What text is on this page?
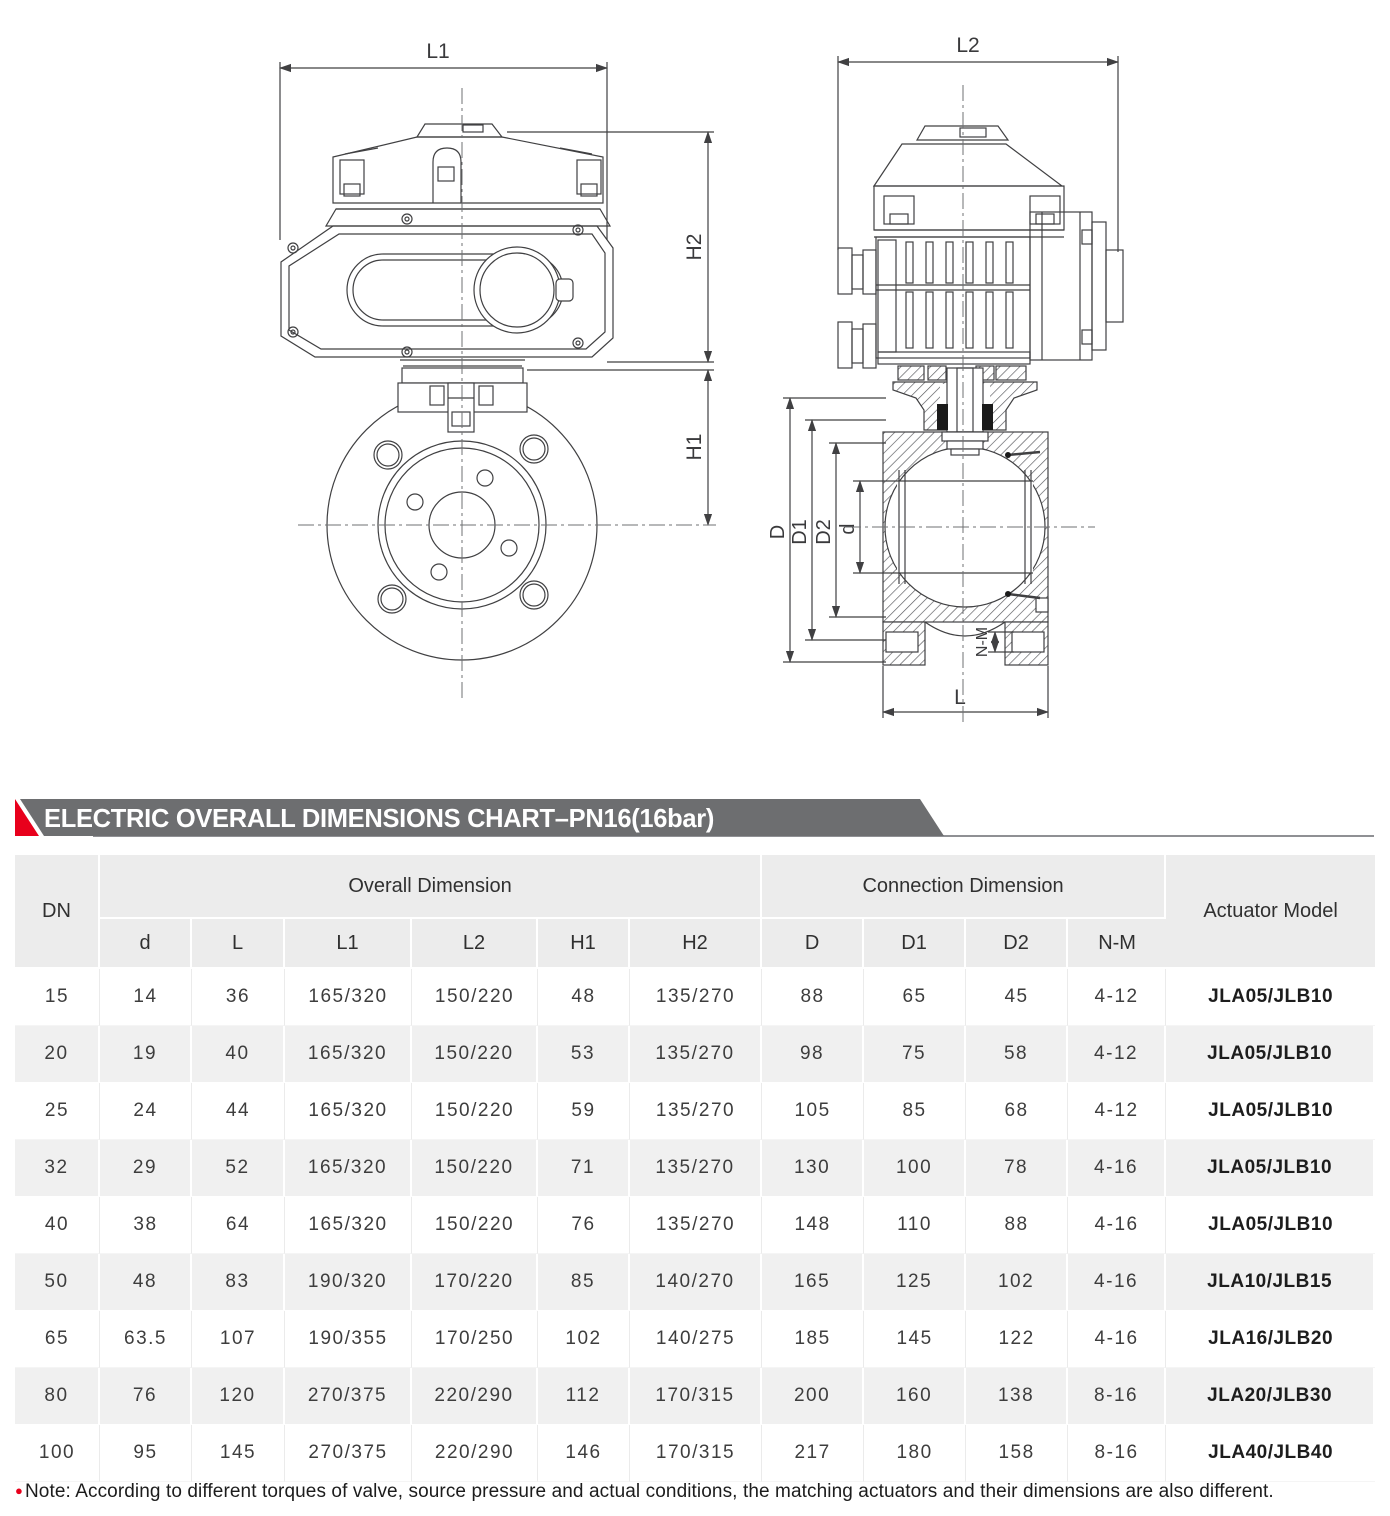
L1
H2
H1
L2
D D1 D2 d
N-M
L
ELECTRIC OVERALL DIMENSIONS CHART–PN16(16bar)
DN	Overall Dimension						Connection Dimension				Actuator Model
	d	L	L1	L2	H1	H2	D	D1	D2	N-M	
15	14	36	165/320	150/220	48	135/270	88	65	45	4-12	JLA05/JLB10
20	19	40	165/320	150/220	53	135/270	98	75	58	4-12	JLA05/JLB10
25	24	44	165/320	150/220	59	135/270	105	85	68	4-12	JLA05/JLB10
32	29	52	165/320	150/220	71	135/270	130	100	78	4-16	JLA05/JLB10
40	38	64	165/320	150/220	76	135/270	148	110	88	4-16	JLA05/JLB10
50	48	83	190/320	170/220	85	140/270	165	125	102	4-16	JLA10/JLB15
65	63.5	107	190/355	170/250	102	140/275	185	145	122	4-16	JLA16/JLB20
80	76	120	270/375	220/290	112	170/315	200	160	138	8-16	JLA20/JLB30
100	95	145	270/375	220/290	146	170/315	217	180	158	8-16	JLA40/JLB40
● Note: According to different torques of valve, source pressure and actual conditions, the matching actuators and their dimensions are also different.
